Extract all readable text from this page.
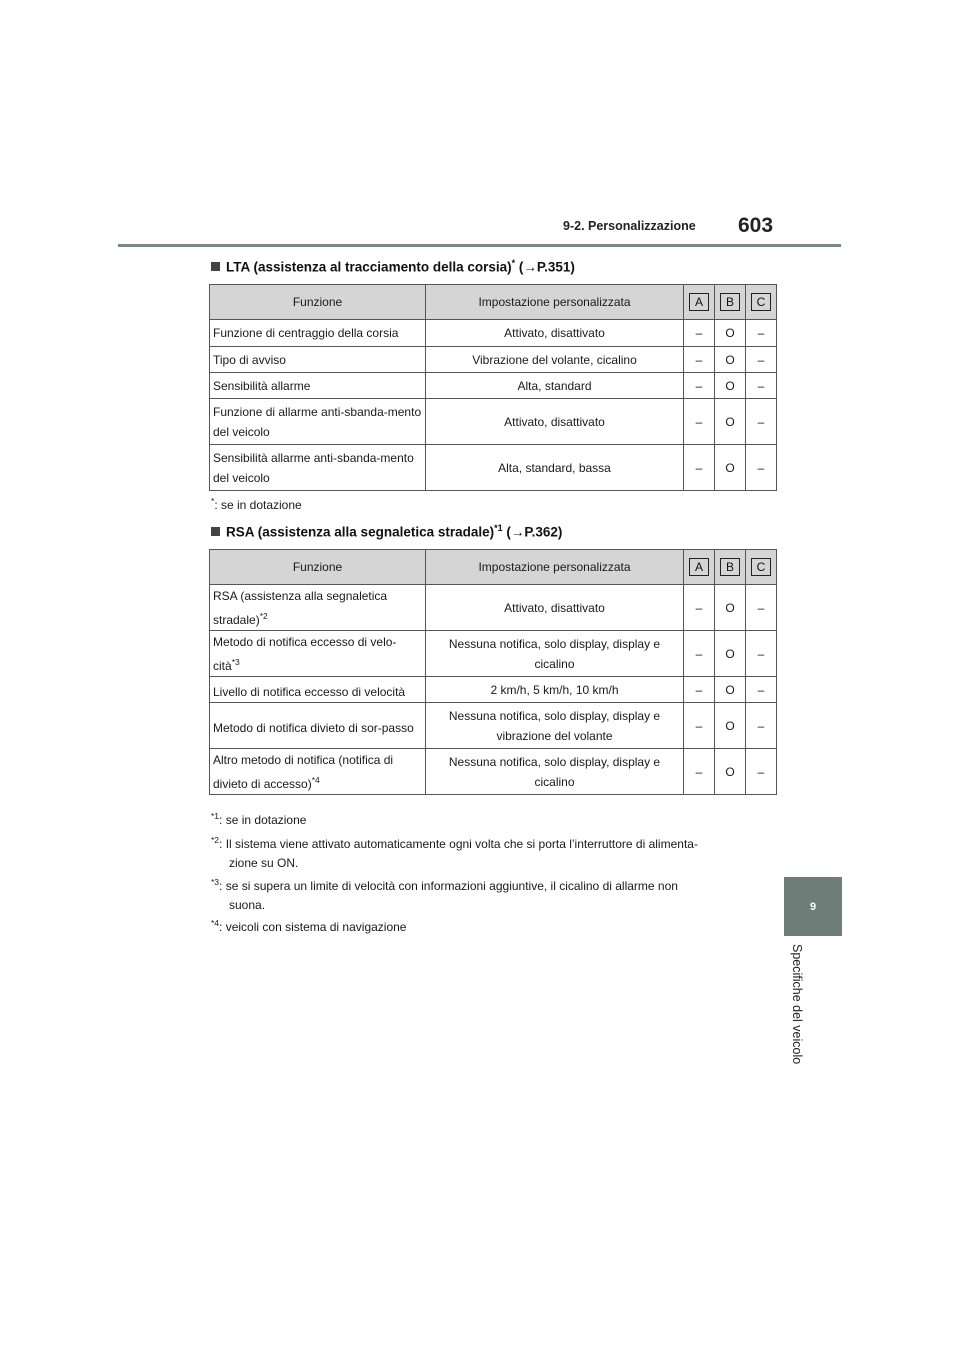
9-2. Personalizzazione 603
9
Specifiche del veicolo
LTA (assistenza al tracciamento della corsia)* (→P.351)
Funzione	Impostazione personalizzata	A	B	C
Funzione di centraggio della corsia	Attivato, disattivato	–	O	–
Tipo di avviso	Vibrazione del volante, cicalino	–	O	–
Sensibilità allarme	Alta, standard	–	O	–
Funzione di allarme anti-sbanda-mento del veicolo	Attivato, disattivato	–	O	–
Sensibilità allarme anti-sbanda-mento del veicolo	Alta, standard, bassa	–	O	–
*: se in dotazione
RSA (assistenza alla segnaletica stradale)$^{*1}$ (→P.362)
Funzione	Impostazione personalizzata	A	B	C
RSA (assistenza alla segnaletica stradale)$^{*2}$	Attivato, disattivato	–	O	–
Metodo di notifica eccesso di velo-cità$^{*3}$	Nessuna notifica, solo display, display e cicalino	–	O	–
Livello di notifica eccesso di velocità	2 km/h, 5 km/h, 10 km/h	–	O	–
Metodo di notifica divieto di sor-passo	Nessuna notifica, solo display, display e vibrazione del volante	–	O	–
Altro metodo di notifica (notifica di divieto di accesso)$^{*4}$	Nessuna notifica, solo display, display e cicalino	–	O	–
$^{*1}$: se in dotazione
$^{*2}$: Il sistema viene attivato automaticamente ogni volta che si porta l’interruttore di alimenta-
zione su ON.
$^{*3}$: se si supera un limite di velocità con informazioni aggiuntive, il cicalino di allarme non
suona.
$^{*4}$: veicoli con sistema di navigazione
